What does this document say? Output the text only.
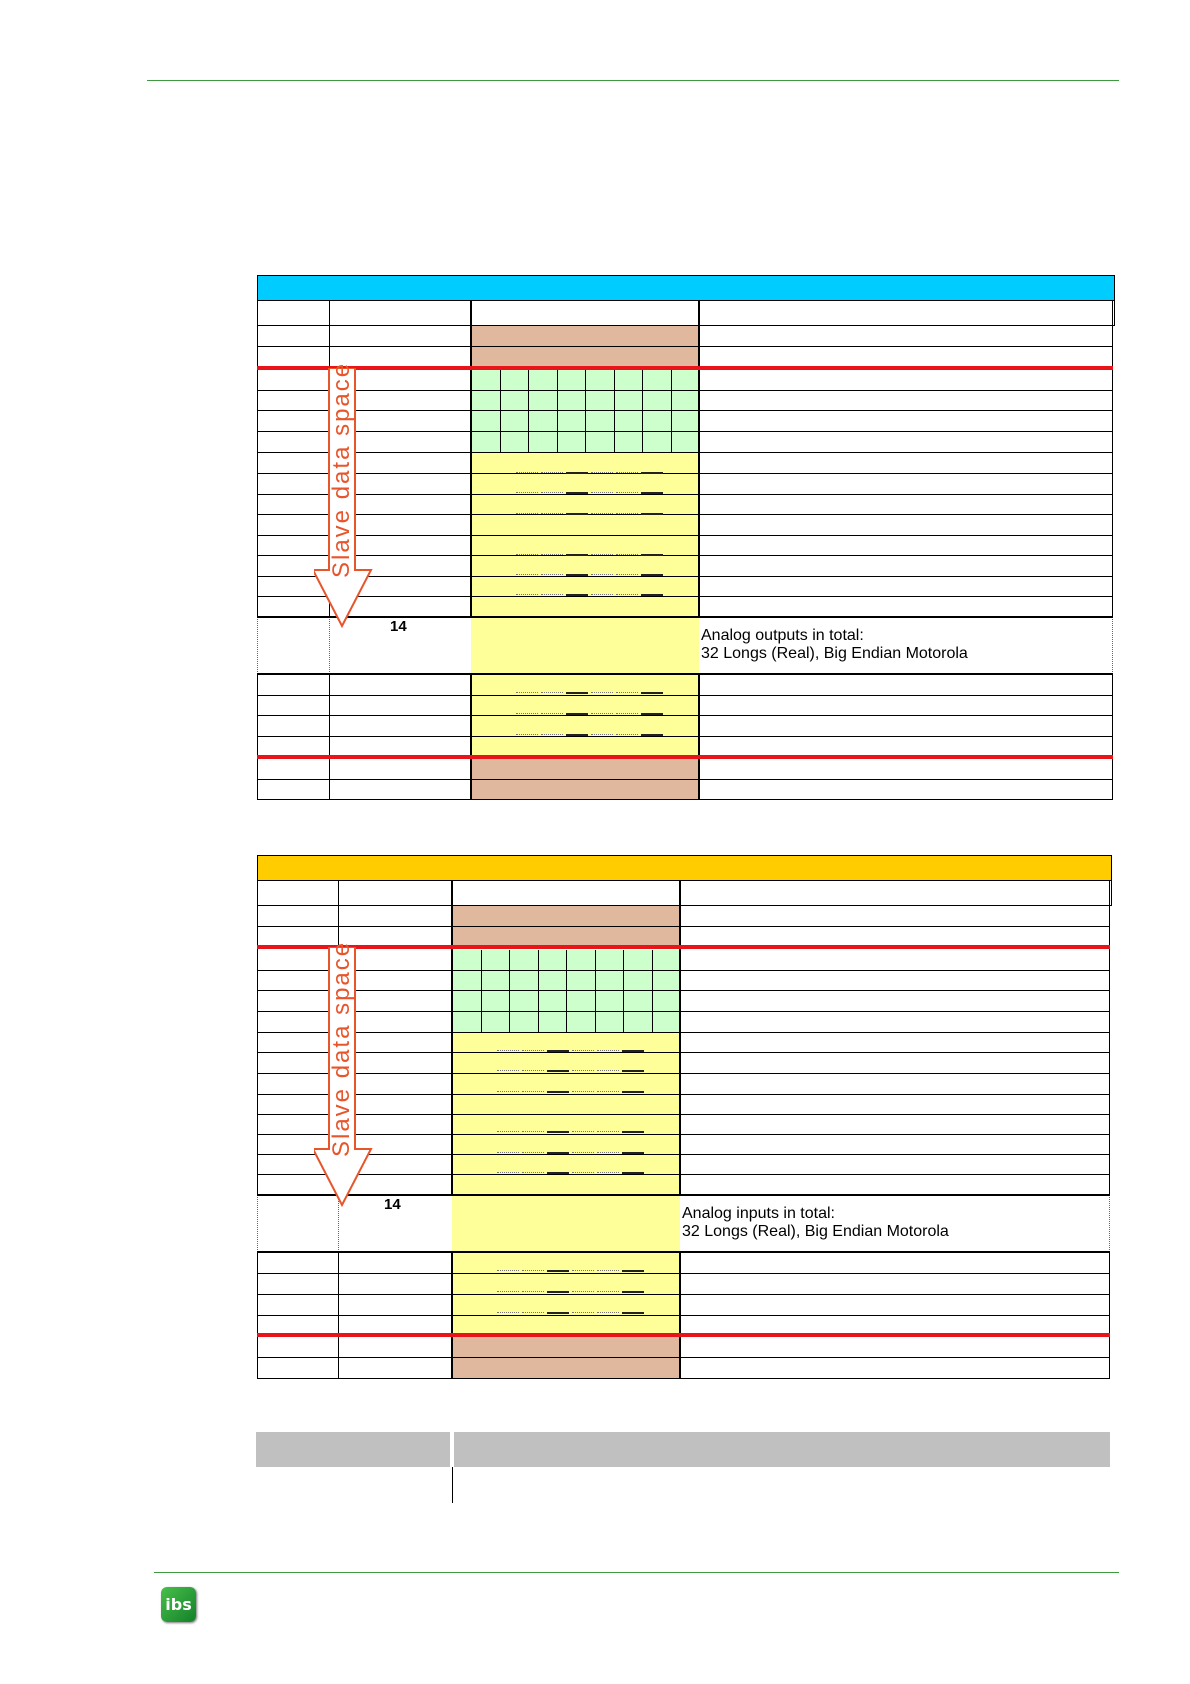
14
Analog outputs in total:
32 Longs (Real), Big Endian Motorola
Slave data space
14
Analog inputs in total:
32 Longs (Real), Big Endian Motorola
Slave data space
ibs
